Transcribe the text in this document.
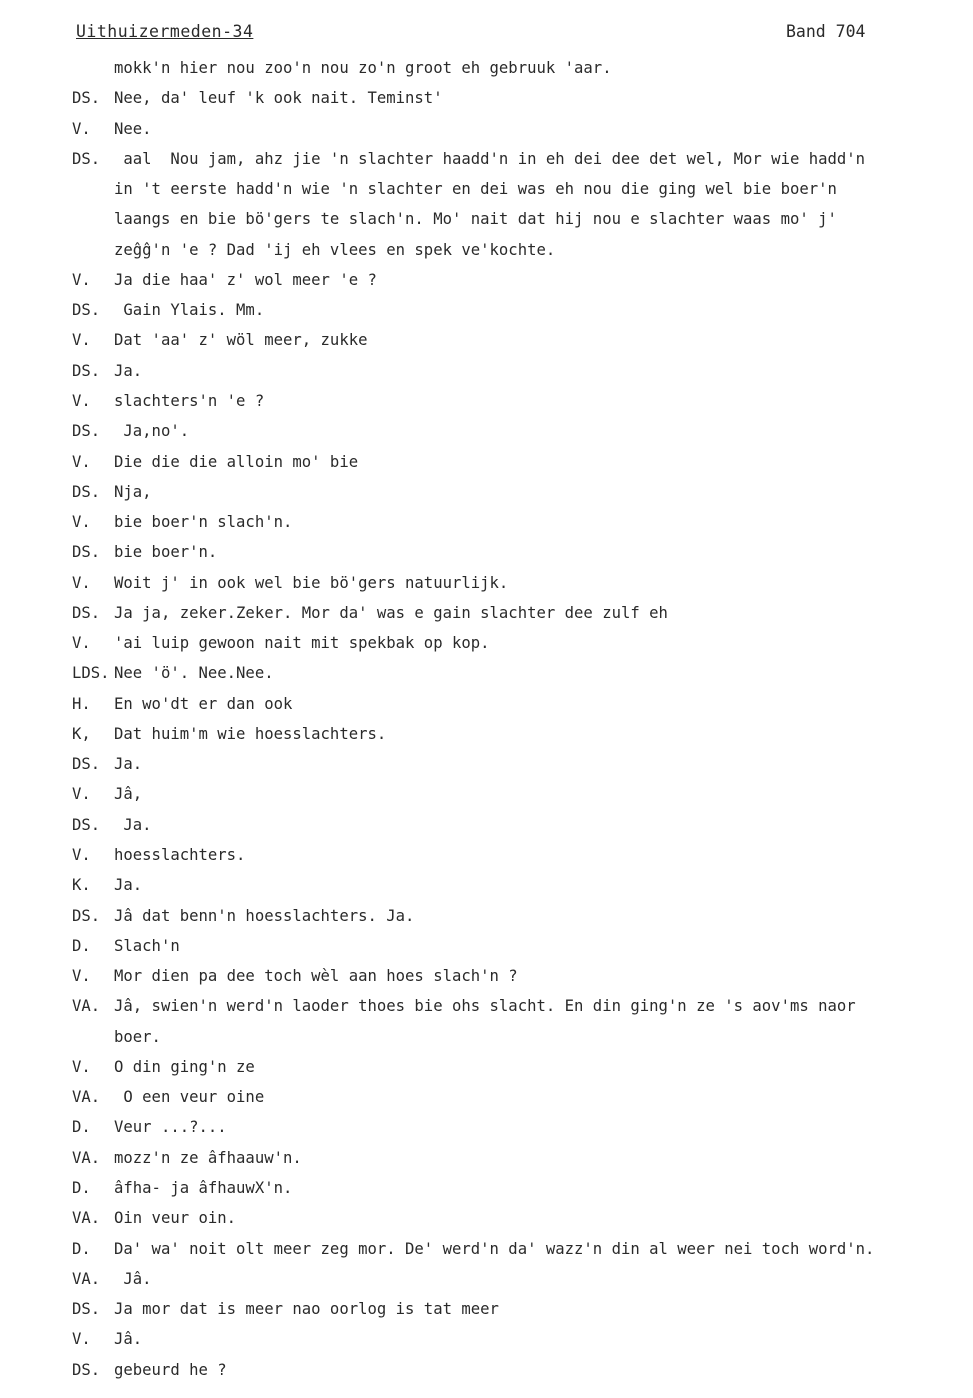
Uithuizermeden-34	Band 704
mokk'n hier nou zoo'n nou zo'n groot eh gebruuk 'aar.
DS. Nee, da' leuf 'k ook nait. Teminst'
V. Nee.
DS. aal  Nou jam, ahz jie 'n slachter haadd'n in eh dei dee det wel, Mor wie hadd'n
in 't eerste hadd'n wie 'n slachter en dei was eh nou die ging wel bie boer'n
laangs en bie bö'gers te slach'n. Mo' nait dat hij nou e slachter waas mo' j'
zeĝĝ'n 'e ? Dad 'ij eh vlees en spek ve'kochte.
V. Ja die haa' z' wol meer 'e ?
DS. Gain Ylais. Mm.
V. Dat 'aa' z' wöl meer, zukke
DS. Ja.
V. slachters'n 'e ?
DS. Ja,no'.
V. Die die die alloin mo' bie
DS. Nja,
V. bie boer'n slach'n.
DS. bie boer'n.
V. Woit j' in ook wel bie bö'gers natuurlijk.
DS. Ja ja, zeker.Zeker. Mor da' was e gain slachter dee zulf eh
V. 'ai luip gewoon nait mit spekbak op kop.
LDS. Nee 'ö'. Nee.Nee.
H. En wo'dt er dan ook
K, Dat huim'm wie hoesslachters.
DS. Ja.
V. Jâ,
DS. Ja.
V. hoesslachters.
K. Ja.
DS. Jâ dat benn'n hoesslachters. Ja.
D. Slach'n
V. Mor dien pa dee toch wèl aan hoes slach'n ?
VA. Jâ, swien'n werd'n laoder thoes bie ohs slacht. En din ging'n ze 's aov'ms naor
boer.
V. O din ging'n ze
VA. O een veur oine
D. Veur ...?...
VA. mozz'n ze âfhaauw'n.
D. âfha- ja âfhauwX'n.
VA. Oin veur oin.
D. Da' wa' noit olt meer zeg mor. De' werd'n da' wazz'n din al weer nei toch word'n.
VA. Jâ.
DS. Ja mor dat is meer nao oorlog is tat meer
V. Jâ.
DS. gebeurd he ?
